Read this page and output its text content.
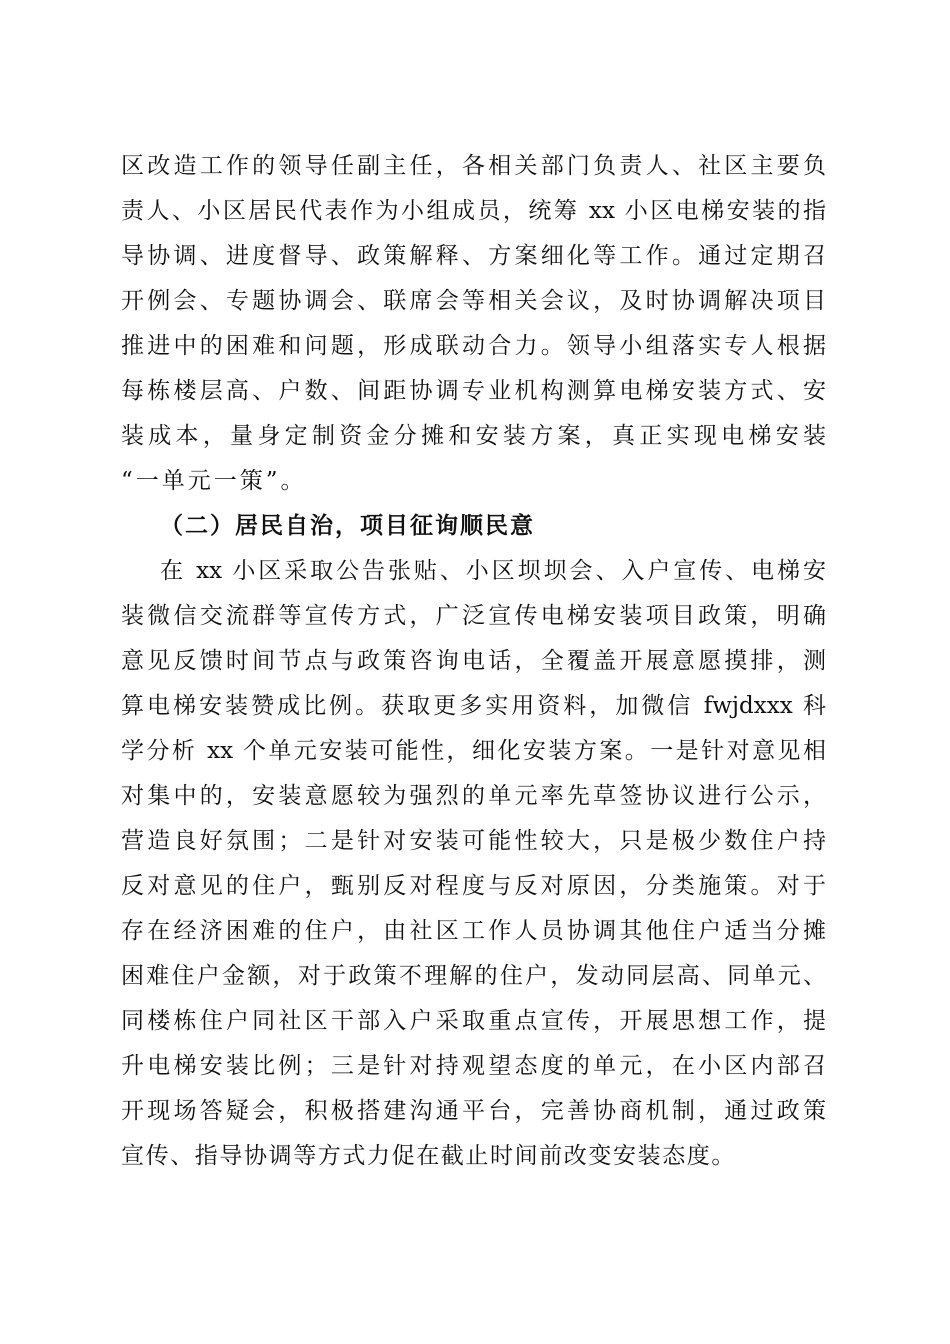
区改造工作的领导任副主任，各相关部门负责人、社区主要负
责人、小区居民代表作为小组成员，统筹 xx 小区电梯安装的指
导协调、进度督导、政策解释、方案细化等工作。通过定期召
开例会、专题协调会、联席会等相关会议，及时协调解决项目
推进中的困难和问题，形成联动合力。领导小组落实专人根据
每栋楼层高、户数、间距协调专业机构测算电梯安装方式、安
装成本，量身定制资金分摊和安装方案，真正实现电梯安装
“一单元一策”。
（二）居民自治，项目征询顺民意
在 xx 小区采取公告张贴、小区坝坝会、入户宣传、电梯安
装微信交流群等宣传方式，广泛宣传电梯安装项目政策，明确
意见反馈时间节点与政策咨询电话，全覆盖开展意愿摸排，测
算电梯安装赞成比例。获取更多实用资料，加微信 fwjdxxx 科
学分析 xx 个单元安装可能性，细化安装方案。一是针对意见相
对集中的，安装意愿较为强烈的单元率先草签协议进行公示，
营造良好氛围；二是针对安装可能性较大，只是极少数住户持
反对意见的住户，甄别反对程度与反对原因，分类施策。对于
存在经济困难的住户，由社区工作人员协调其他住户适当分摊
困难住户金额，对于政策不理解的住户，发动同层高、同单元、
同楼栋住户同社区干部入户采取重点宣传，开展思想工作，提
升电梯安装比例；三是针对持观望态度的单元，在小区内部召
开现场答疑会，积极搭建沟通平台，完善协商机制，通过政策
宣传、指导协调等方式力促在截止时间前改变安装态度。
